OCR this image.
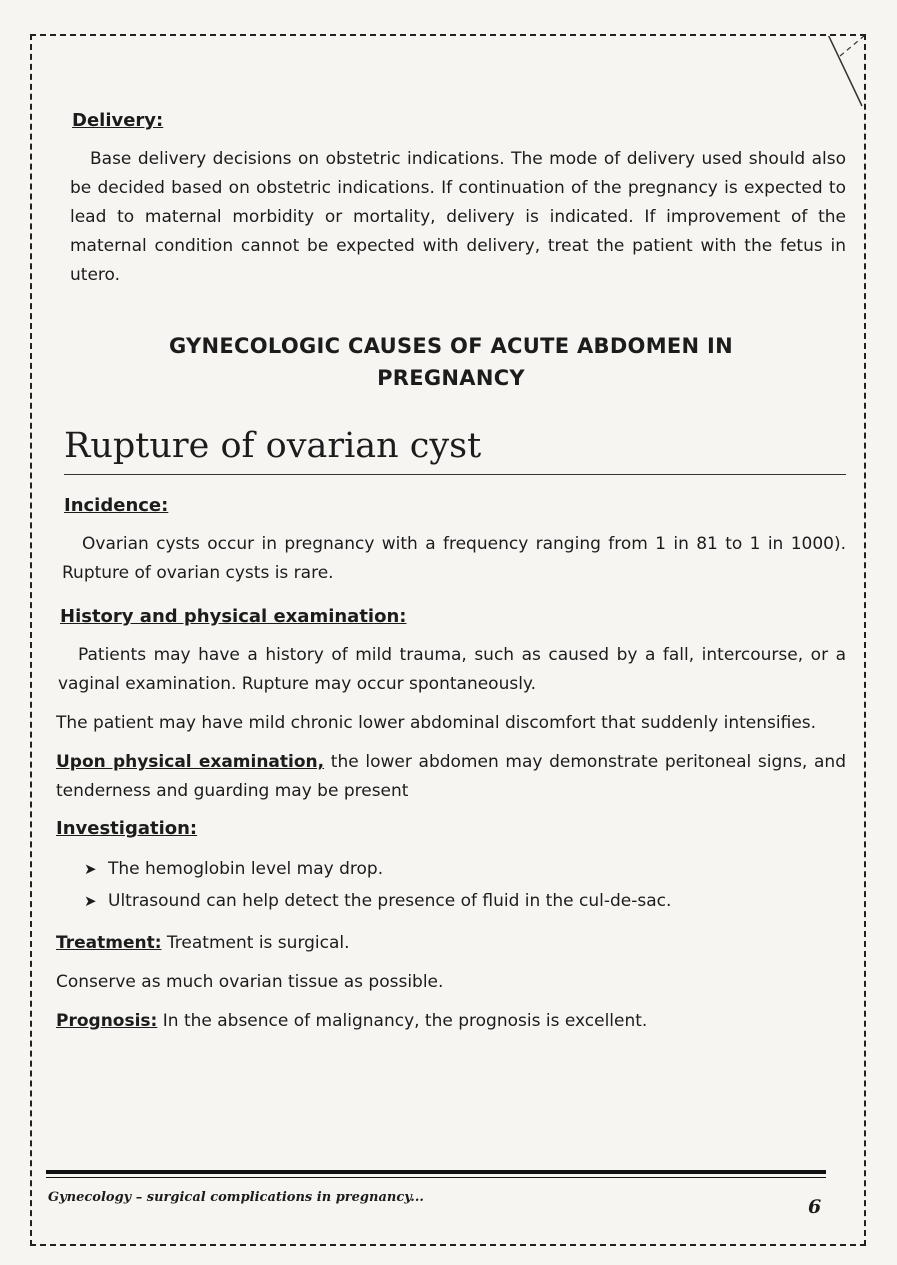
Delivery:

Base delivery decisions on obstetric indications. The mode of delivery used should also be decided based on obstetric indications. If continuation of the pregnancy is expected to lead to maternal morbidity or mortality, delivery is indicated. If improvement of the maternal condition cannot be expected with delivery, treat the patient with the fetus in utero.

GYNECOLOGIC CAUSES OF ACUTE ABDOMEN IN
PREGNANCY
Rupture of ovarian cyst
Incidence:

Ovarian cysts occur in pregnancy with a frequency ranging from 1 in 81 to 1 in 1000). Rupture of ovarian cysts is rare.

History and physical examination:

Patients may have a history of mild trauma, such as caused by a fall, intercourse, or a vaginal examination. Rupture may occur spontaneously.

The patient may have mild chronic lower abdominal discomfort that suddenly intensifies.

Upon physical examination, the lower abdomen may demonstrate peritoneal signs, and tenderness and guarding may be present

Investigation:
➤ The hemoglobin level may drop.
➤ Ultrasound can help detect the presence of fluid in the cul-de-sac.

Treatment: Treatment is surgical.

Conserve as much ovarian tissue as possible.

Prognosis: In the absence of malignancy, the prognosis is excellent.

Gynecology – surgical complications in pregnancy...	6
